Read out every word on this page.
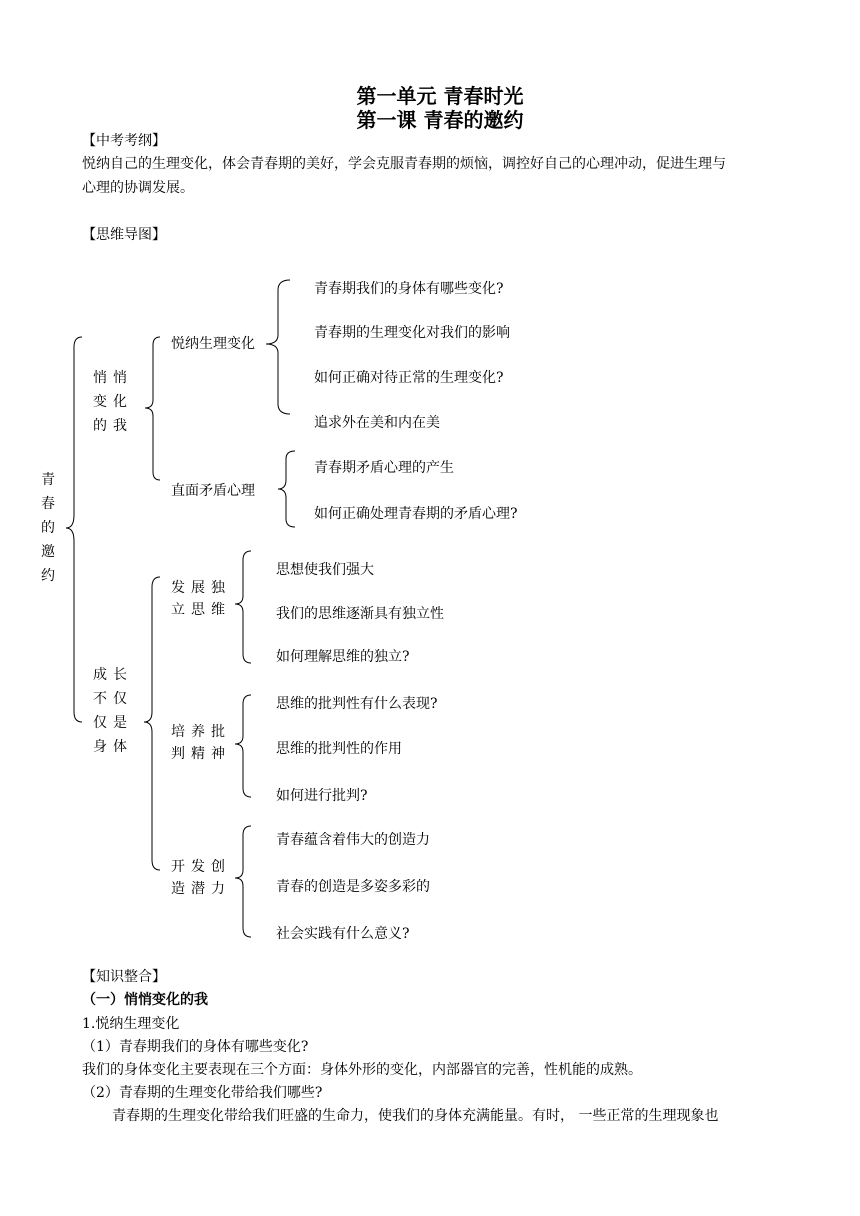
第一单元 青春时光
第一课 青春的邀约
【中考考纲】
悦纳自己的生理变化，体会青春期的美好，学会克服青春期的烦恼，调控好自己的心理冲动，促进生理与
心理的协调发展。
【思维导图】
青春的邀约
悄悄变化的我
悦纳生理变化
青春期我们的身体有哪些变化?
青春期的生理变化对我们的影响
如何正确对待正常的生理变化?
追求外在美和内在美
直面矛盾心理
青春期矛盾心理的产生
如何正确处理青春期的矛盾心理?
成长不仅仅是身体
发展独立思维
思想使我们强大
我们的思维逐渐具有独立性
如何理解思维的独立?
培养批判精神
思维的批判性有什么表现?
思维的批判性的作用
如何进行批判?
开发创造潜力
青春蕴含着伟大的创造力
青春的创造是多姿多彩的
社会实践有什么意义?
【知识整合】
（一）悄悄变化的我
1.悦纳生理变化
（1）青春期我们的身体有哪些变化?
我们的身体变化主要表现在三个方面：身体外形的变化，内部器官的完善，性机能的成熟。
（2）青春期的生理变化带给我们哪些?
青春期的生理变化带给我们旺盛的生命力，使我们的身体充满能量。有时， 一些正常的生理现象也
